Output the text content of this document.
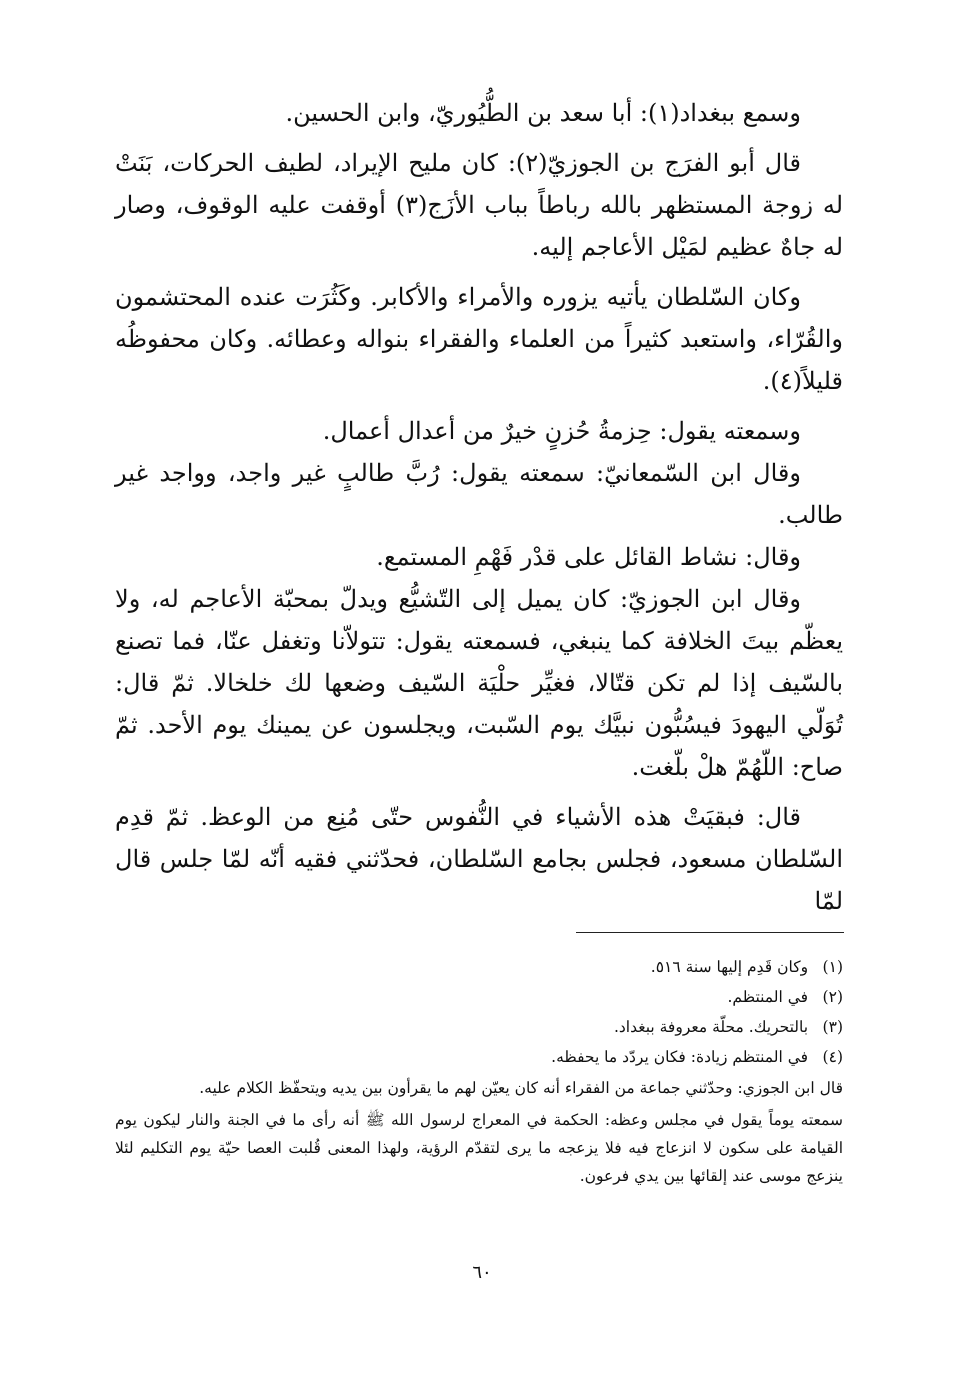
وسمع ببغداد(١): أبا سعد بن الطُّيُوريّ، وابن الحسين.

قال أبو الفرَج بن الجوزيّ(٢): كان مليح الإيراد، لطيف الحركات، بَنَتْ له زوجة المستظهر بالله رباطاً بباب الأزَج(٣) أوقفت عليه الوقوف، وصار له جاهٌ عظيم لمَيْل الأعاجم إليه.

وكان السّلطان يأتيه يزوره والأمراء والأكابر. وكَثُرَت عنده المحتشمون والقُرّاء، واستعبد كثيراً من العلماء والفقراء بنواله وعطائه. وكان محفوظُه قليلاً(٤).

وسمعته يقول: حِزمةُ حُزنٍ خيرٌ من أعدال أعمال.

وقال ابن السّمعانيّ: سمعته يقول: رُبَّ طالبٍ غير واجد، وواجد غير طالب.

وقال: نشاط القائل على قدْر فَهْمِ المستمع.

وقال ابن الجوزيّ: كان يميل إلى التّشيُّع ويدلّ بمحبّة الأعاجم له، ولا يعظّم بيتَ الخلافة كما ينبغي، فسمعته يقول: تتولاّنا وتغفل عنّا، فما تصنع بالسّيف إذا لم تكن قتّالا، فغيِّر حلْيَة السّيف وضعها لك خلخالا. ثمّ قال: تُوَلّي اليهودَ فيسُبُّون نبيَّك يوم السّبت، ويجلسون عن يمينك يوم الأحد. ثمّ صاح: اللّهُمّ هلْ بلّغت.

قال: فبقيَتْ هذه الأشياء في النُّفوس حتّى مُنِع من الوعظ. ثمّ قدِم السّلطان مسعود، فجلس بجامع السّلطان، فحدّثني فقيه أنّه لمّا جلس قال لمّا

(١) وكان قَدِم إليها سنة ٥١٦.
(٢) في المنتظم.
(٣) بالتحريك. محلّة معروفة ببغداد.
(٤) في المنتظم زيادة: فكان يردّد ما يحفظه.

قال ابن الجوزي: وحدّثني جماعة من الفقراء أنه كان يعيّن لهم ما يقرأون بين يديه ويتحفّظ الكلام عليه.

سمعته يوماً يقول في مجلس وعظه: الحكمة في المعراج لرسول الله ﷺ أنه رأى ما في الجنة والنار ليكون يوم القيامة على سكون لا انزعاج فيه فلا يزعجه ما يرى لتقدّم الرؤية، ولهذا المعنى قُلبت العصا حيّة يوم التكليم لئلا ينزعج موسى عند إلقائها بين يدي فرعون.

٦٠
